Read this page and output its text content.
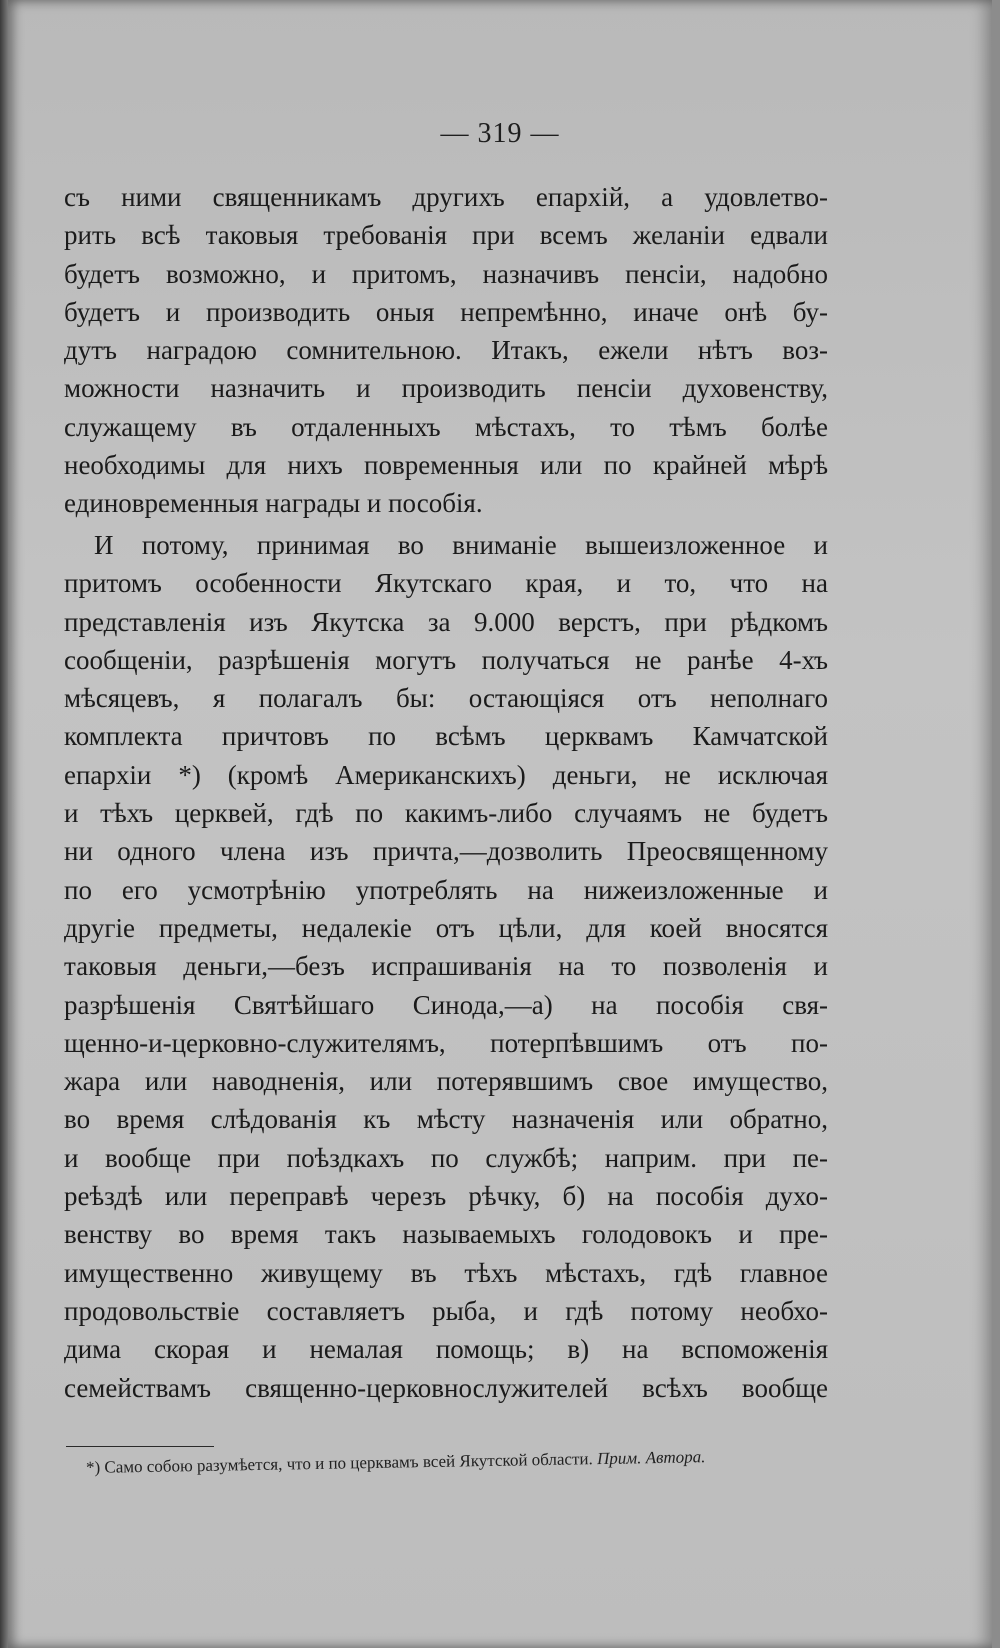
— 319 —
съ ними священникамъ другихъ епархій, а удовлетво-
рить всѣ таковыя требованія при всемъ желаніи едвали
будетъ возможно, и притомъ, назначивъ пенсіи, надобно
будетъ и производить оныя непремѣнно, иначе онѣ бу-
дутъ наградою сомнительною. Итакъ, ежели нѣтъ воз-
можности назначить и производить пенсіи духовенству,
служащему въ отдаленныхъ мѣстахъ, то тѣмъ болѣе
необходимы для нихъ повременныя или по крайней мѣрѣ
единовременныя награды и пособія.
И потому, принимая во вниманіе вышеизложенное и
притомъ особенности Якутскаго края, и то, что на
представленія изъ Якутска за 9.000 верстъ, при рѣдкомъ
сообщеніи, разрѣшенія могутъ получаться не ранѣе 4-хъ
мѣсяцевъ, я полагалъ бы: остающіяся отъ неполнаго
комплекта причтовъ по всѣмъ церквамъ Камчатской
епархіи *) (кромѣ Американскихъ) деньги, не исключая
и тѣхъ церквей, гдѣ по какимъ-либо случаямъ не будетъ
ни одного члена изъ причта,—дозволить Преосвященному
по его усмотрѣнію употреблять на нижеизложенные и
другіе предметы, недалекіе отъ цѣли, для коей вносятся
таковыя деньги,—безъ испрашиванія на то позволенія и
разрѣшенія Святѣйшаго Синода,—а) на пособія свя-
щенно-и-церковно-служителямъ, потерпѣвшимъ отъ по-
жара или наводненія, или потерявшимъ свое имущество,
во время слѣдованія къ мѣсту назначенія или обратно,
и вообще при поѣздкахъ по службѣ; наприм. при пе-
реѣздѣ или переправѣ черезъ рѣчку, б) на пособія духо-
венству во время такъ называемыхъ голодовокъ и пре-
имущественно живущему въ тѣхъ мѣстахъ, гдѣ главное
продовольствіе составляетъ рыба, и гдѣ потому необхо-
дима скорая и немалая помощь; в) на вспоможенія
семействамъ священно-церковнослужителей всѣхъ вообще
*) Само собою разумѣется, что и по церквамъ всей Якутской области. Прим. Автора.
